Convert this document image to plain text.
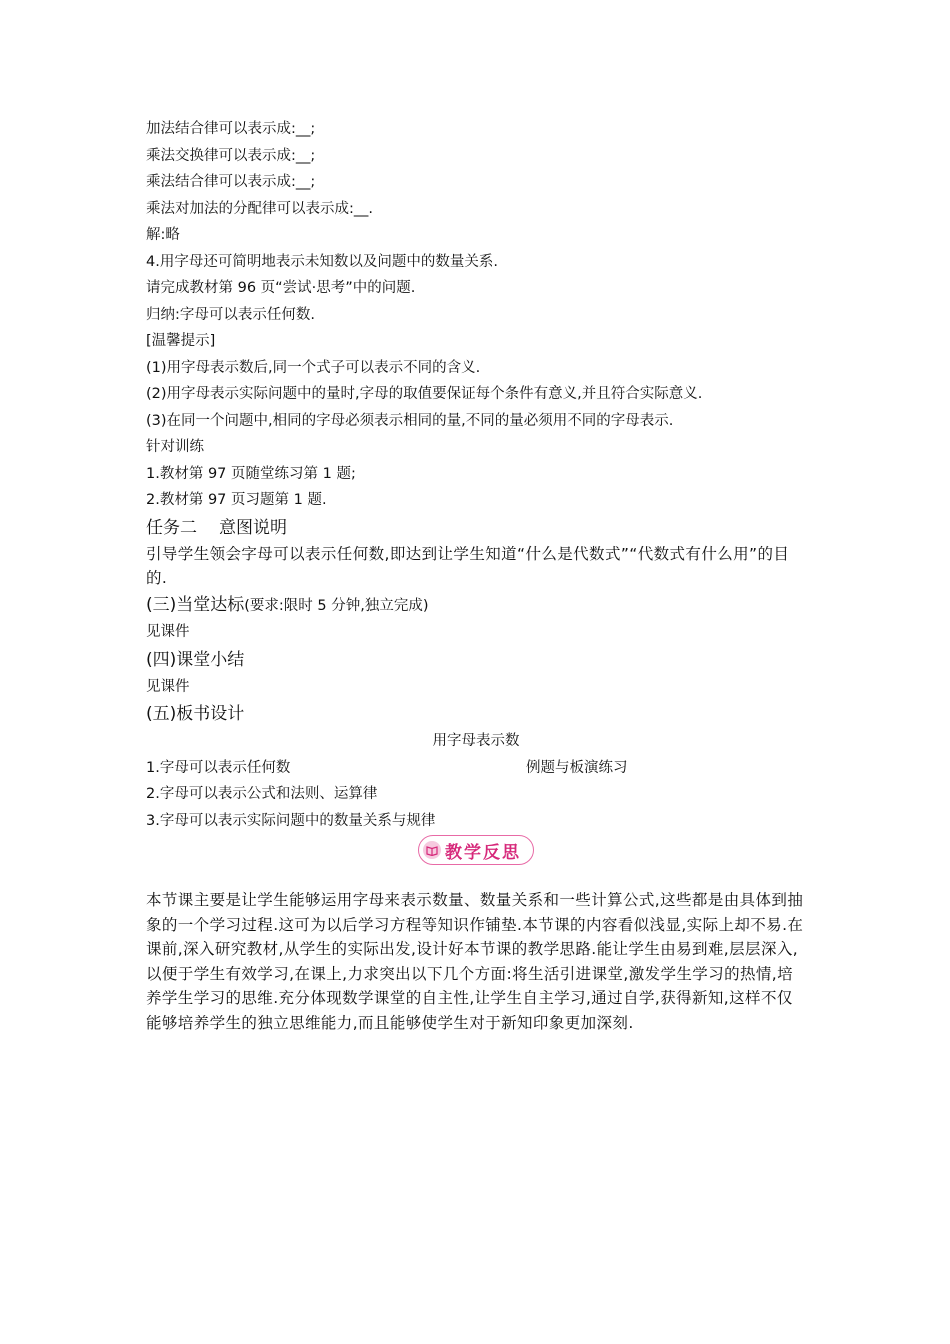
加法结合律可以表示成:__;
乘法交换律可以表示成:__;
乘法结合律可以表示成:__;
乘法对加法的分配律可以表示成:__.
解:略
4.用字母还可简明地表示未知数以及问题中的数量关系.
请完成教材第 96 页“尝试·思考”中的问题.
归纳:字母可以表示任何数.
[温馨提示]
(1)用字母表示数后,同一个式子可以表示不同的含义.
(2)用字母表示实际问题中的量时,字母的取值要保证每个条件有意义,并且符合实际意义.
(3)在同一个问题中,相同的字母必须表示相同的量,不同的量必须用不同的字母表示.
针对训练
1.教材第 97 页随堂练习第 1 题;
2.教材第 97 页习题第 1 题.
任务二 意图说明
引导学生领会字母可以表示任何数,即达到让学生知道“什么是代数式”“代数式有什么用”的目的.
(三)当堂达标(要求:限时 5 分钟,独立完成)
见课件
(四)课堂小结
见课件
(五)板书设计
用字母表示数
1.字母可以表示任何数	例题与板演练习
2.字母可以表示公式和法则、运算律
3.字母可以表示实际问题中的数量关系与规律
教学反思
本节课主要是让学生能够运用字母来表示数量、数量关系和一些计算公式,这些都是由具体到抽象的一个学习过程.这可为以后学习方程等知识作铺垫.本节课的内容看似浅显,实际上却不易.在课前,深入研究教材,从学生的实际出发,设计好本节课的教学思路.能让学生由易到难,层层深入,以便于学生有效学习,在课上,力求突出以下几个方面:将生活引进课堂,激发学生学习的热情,培养学生学习的思维.充分体现数学课堂的自主性,让学生自主学习,通过自学,获得新知,这样不仅能够培养学生的独立思维能力,而且能够使学生对于新知印象更加深刻.
